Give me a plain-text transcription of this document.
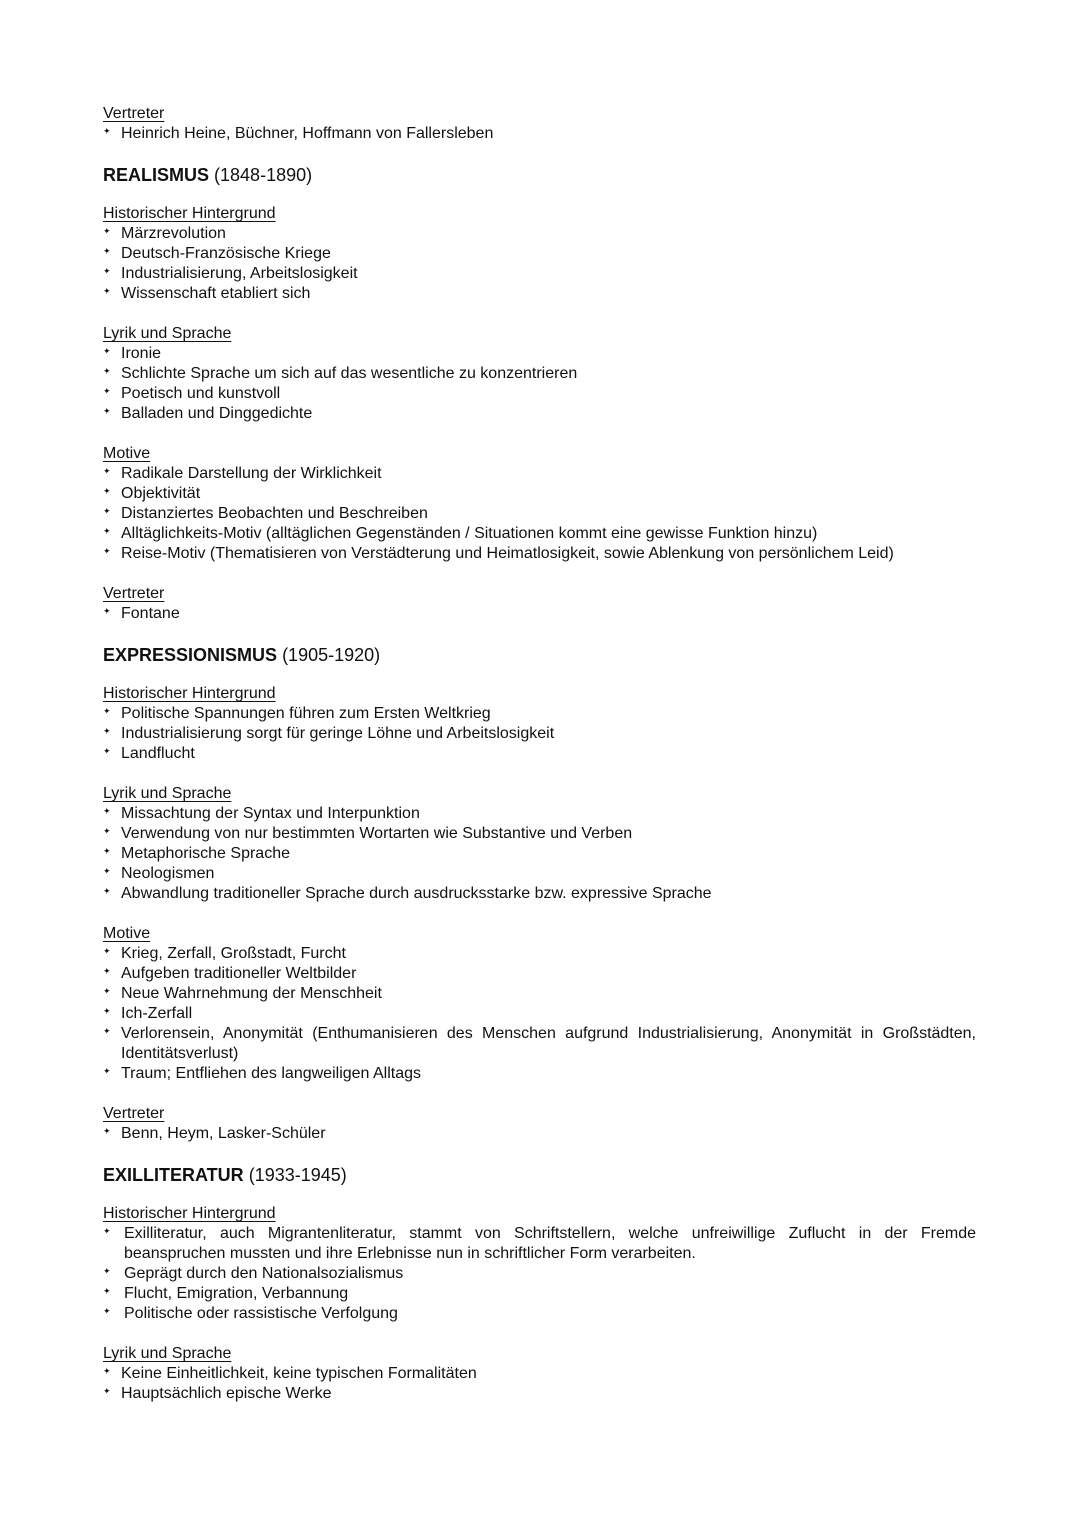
Vertreter
✦ Heinrich Heine, Büchner, Hoffmann von Fallersleben
REALISMUS (1848-1890)
Historischer Hintergrund
✦ Märzrevolution
✦ Deutsch-Französische Kriege
✦ Industrialisierung, Arbeitslosigkeit
✦ Wissenschaft etabliert sich
Lyrik und Sprache
✦ Ironie
✦ Schlichte Sprache um sich auf das wesentliche zu konzentrieren
✦ Poetisch und kunstvoll
✦ Balladen und Dinggedichte
Motive
✦ Radikale Darstellung der Wirklichkeit
✦ Objektivität
✦ Distanziertes Beobachten und Beschreiben
✦ Alltäglichkeits-Motiv (alltäglichen Gegenständen / Situationen kommt eine gewisse Funktion hinzu)
✦ Reise-Motiv (Thematisieren von Verstädterung und Heimatlosigkeit, sowie Ablenkung von persönlichem Leid)
Vertreter
✦ Fontane
EXPRESSIONISMUS (1905-1920)
Historischer Hintergrund
✦ Politische Spannungen führen zum Ersten Weltkrieg
✦ Industrialisierung sorgt für geringe Löhne und Arbeitslosigkeit
✦ Landflucht
Lyrik und Sprache
✦ Missachtung der Syntax und Interpunktion
✦ Verwendung von nur bestimmten Wortarten wie Substantive und Verben
✦ Metaphorische Sprache
✦ Neologismen
✦ Abwandlung traditioneller Sprache durch ausdrucksstarke bzw. expressive Sprache
Motive
✦ Krieg, Zerfall, Großstadt, Furcht
✦ Aufgeben traditioneller Weltbilder
✦ Neue Wahrnehmung der Menschheit
✦ Ich-Zerfall
✦ Verlorensein, Anonymität (Enthumanisieren des Menschen aufgrund Industrialisierung, Anonymität in Großstädten, Identitätsverlust)
✦ Traum; Entfliehen des langweiligen Alltags
Vertreter
✦ Benn, Heym, Lasker-Schüler
EXILLITERATUR (1933-1945)
Historischer Hintergrund
✦ Exilliteratur, auch Migrantenliteratur, stammt von Schriftstellern, welche unfreiwillige Zuflucht in der Fremde beanspruchen mussten und ihre Erlebnisse nun in schriftlicher Form verarbeiten.
✦ Geprägt durch den Nationalsozialismus
✦ Flucht, Emigration, Verbannung
✦ Politische oder rassistische Verfolgung
Lyrik und Sprache
✦ Keine Einheitlichkeit, keine typischen Formalitäten
✦ Hauptsächlich epische Werke
